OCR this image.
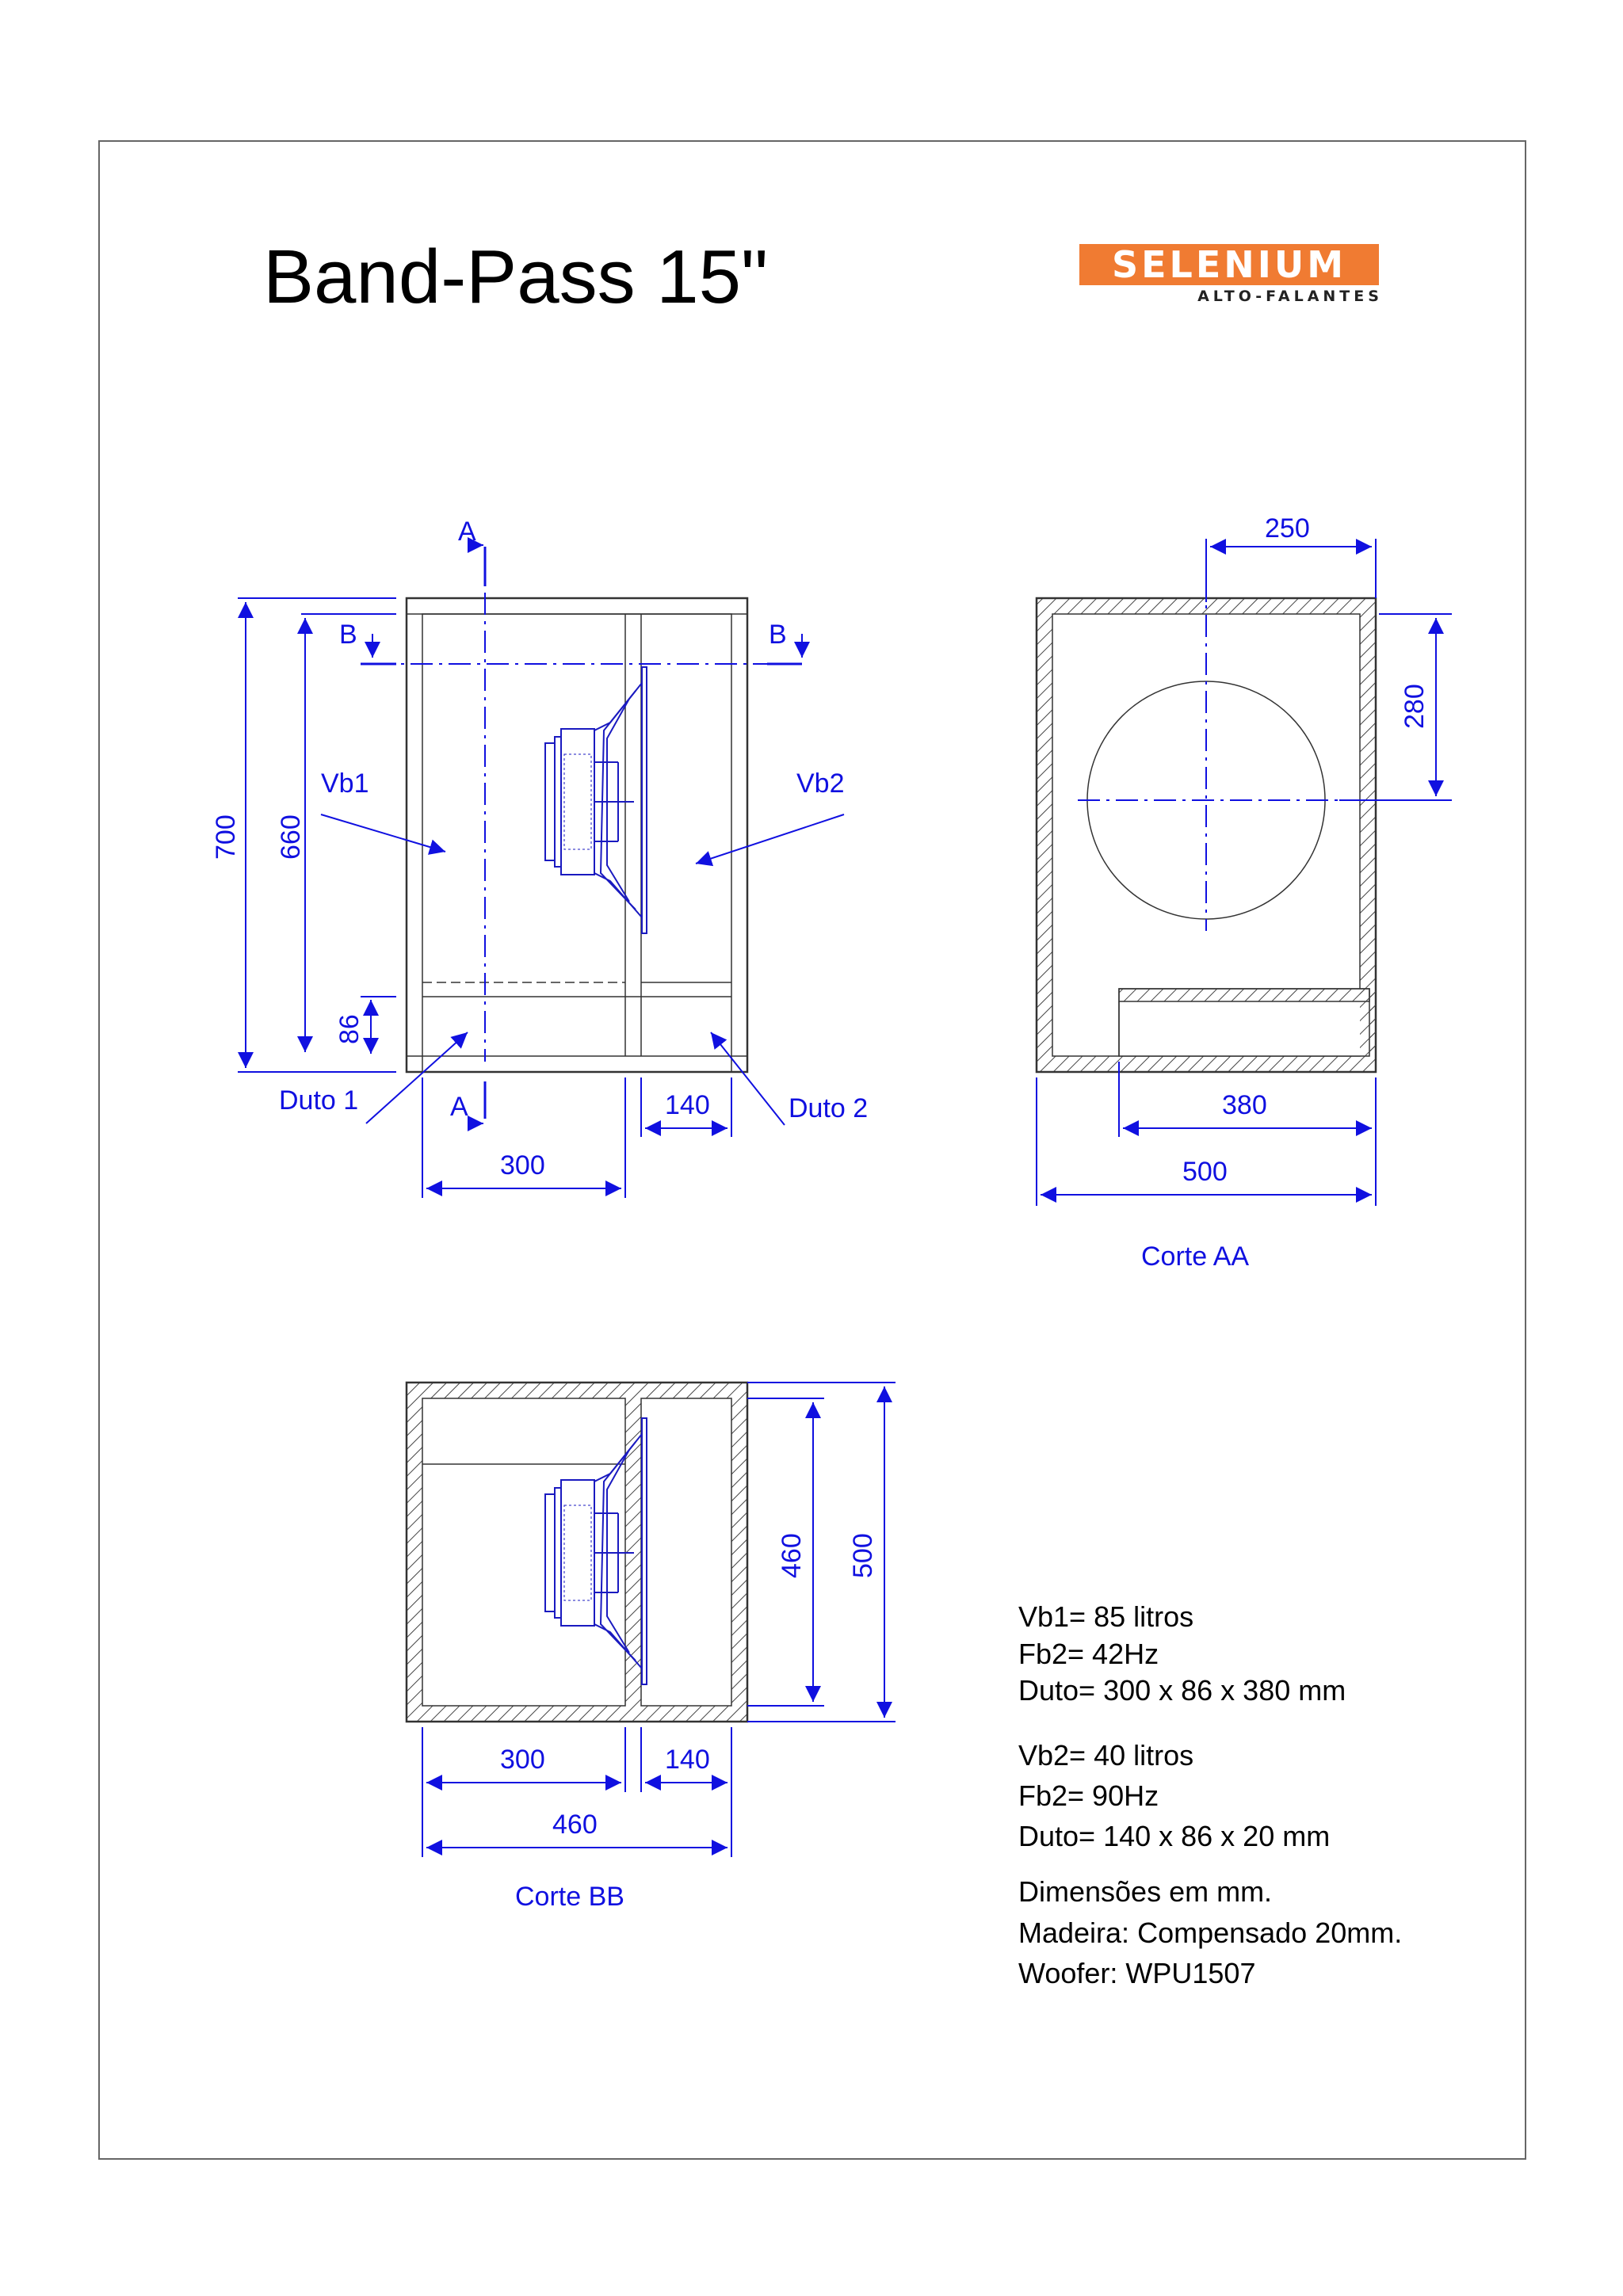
Band-Pass 15"	SELENIUM
ALTO-FALANTES
A
A
B	B
Vb1	Vb2
Duto 1	Duto 2
700 660
86
300
140
250
280
380
500
Corte AA
460 500
300	140
460
Corte BB
Vb1= 85 litros
Fb2= 42Hz
Duto= 300 x 86 x 380 mm
Vb2= 40 litros
Fb2= 90Hz
Duto= 140 x 86 x 20 mm
Dimensões em mm.
Madeira: Compensado 20mm.
Woofer: WPU1507
